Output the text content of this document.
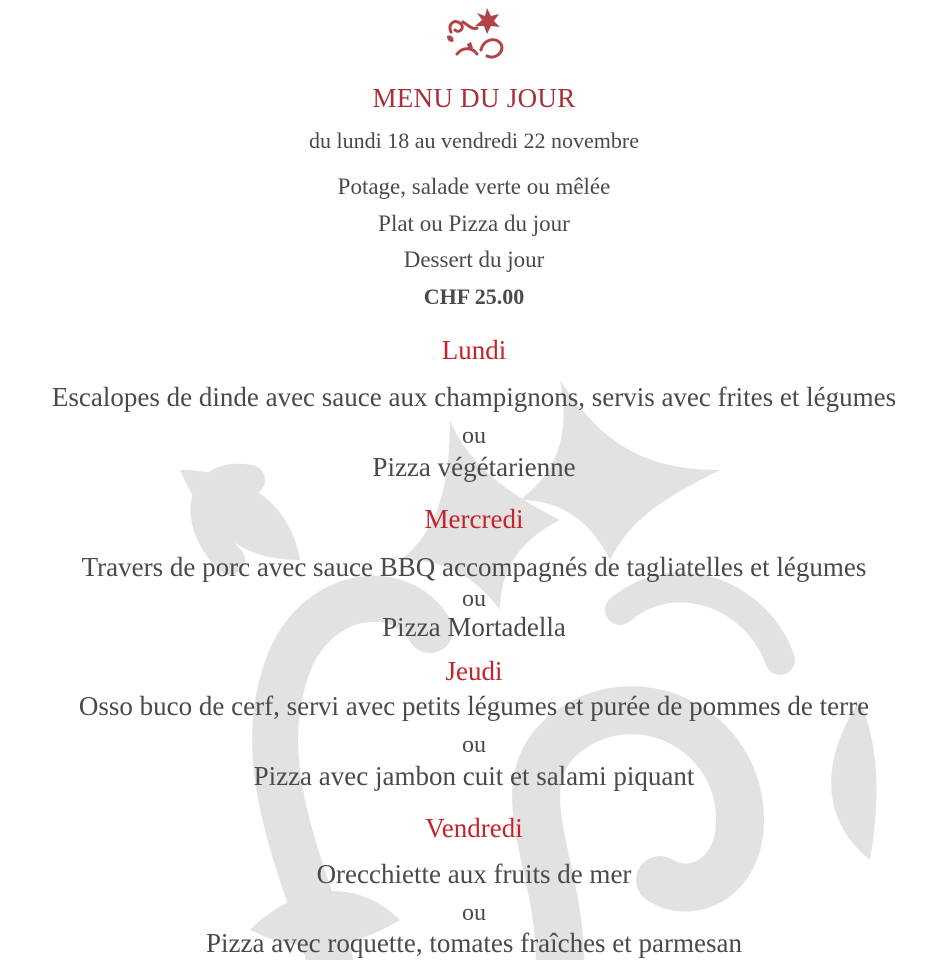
MENU DU JOUR
du lundi 18 au vendredi 22 novembre
Potage, salade verte ou mêlée
Plat ou Pizza du jour
Dessert du jour
CHF 25.00
Lundi
Escalopes de dinde avec sauce aux champignons, servis avec frites et légumes
ou
Pizza végétarienne
Mercredi
Travers de porc avec sauce BBQ accompagnés de tagliatelles et légumes
ou
Pizza Mortadella
Jeudi
Osso buco de cerf, servi avec petits légumes et purée de pommes de terre
ou
Pizza avec jambon cuit et salami piquant
Vendredi
Orecchiette aux fruits de mer
ou
Pizza avec roquette, tomates fraîches et parmesan
